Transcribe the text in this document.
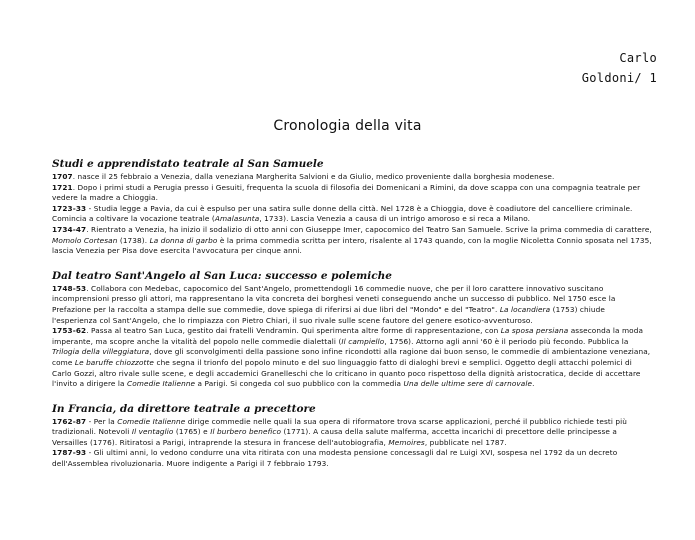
Carlo
Goldoni/ 1
Cronologia della vita
Studi e apprendistato teatrale al San Samuele

1707. nasce il 25 febbraio a Venezia, dalla veneziana Margherita Salvioni e da Giulio, medico proveniente dalla borghesia modenese.

1721. Dopo i primi studi a Perugia presso i Gesuiti, frequenta la scuola di filosofia dei Domenicani a Rimini, da dove scappa con una compagnia teatrale per vedere la madre a Chioggia.

1723-33 - Studia legge a Pavia, da cui è espulso per una satira sulle donne della città. Nel 1728 è a Chioggia, dove è coadiutore del cancelliere criminale. Comincia a coltivare la vocazione teatrale (Amalasunta, 1733). Lascia Venezia a causa di un intrigo amoroso e si reca a Milano.

1734-47. Rientrato a Venezia, ha inizio il sodalizio di otto anni con Giuseppe Imer, capocomico del Teatro San Samuele. Scrive la prima commedia di carattere, Momolo Cortesan (1738). La donna di garbo è la prima commedia scritta per intero, risalente al 1743 quando, con la moglie Nicoletta Connio sposata nel 1735, lascia Venezia per Pisa dove esercita l'avvocatura per cinque anni.

Dal teatro Sant'Angelo al San Luca: successo e polemiche

1748-53. Collabora con Medebac, capocomico del Sant'Angelo, promettendogli 16 commedie nuove, che per il loro carattere innovativo suscitano incomprensioni presso gli attori, ma rappresentano la vita concreta dei borghesi veneti conseguendo anche un successo di pubblico. Nel 1750 esce la Prefazione per la raccolta a stampa delle sue commedie, dove spiega di riferirsi ai due libri del "Mondo" e del "Teatro". La locandiera (1753) chiude l'esperienza col Sant'Angelo, che lo rimpiazza con Pietro Chiari, il suo rivale sulle scene fautore del genere esotico-avventuroso.

1753-62. Passa al teatro San Luca, gestito dai fratelli Vendramin. Qui sperimenta altre forme di rappresentazione, con La sposa persiana asseconda la moda imperante, ma scopre anche la vitalità del popolo nelle commedie dialettali (Il campiello, 1756). Attorno agli anni '60 è il periodo più fecondo. Pubblica la Trilogia della villeggiatura, dove gli sconvolgimenti della passione sono infine ricondotti alla ragione dai buon senso, le commedie di ambientazione veneziana, come Le baruffe chiozzotte che segna il trionfo del popolo minuto e del suo linguaggio fatto di dialoghi brevi e semplici. Oggetto degli attacchi polemici di Carlo Gozzi, altro rivale sulle scene, e degli accademici Granelleschi che lo criticano in quanto poco rispettoso della dignità aristocratica, decide di accettare l'invito a dirigere la Comedie Italienne a Parigi. Si congeda col suo pubblico con la commedia Una delle ultime sere di carnovale.

In Francia, da direttore teatrale a precettore

1762-87 - Per la Comedie Italienne dirige commedie nelle quali la sua opera di riformatore trova scarse applicazioni, perché il pubblico richiede testi più tradizionali. Notevoli Il ventaglio (1765) e Il burbero benefico (1771). A causa della salute malferma, accetta incarichi di precettore delle principesse a Versailles (1776). Ritiratosi a Parigi, intraprende la stesura in francese dell'autobiografia, Memoires, pubblicate nel 1787.

1787-93 - Gli ultimi anni, lo vedono condurre una vita ritirata con una modesta pensione concessagli dal re Luigi XVI, sospesa nel 1792 da un decreto dell'Assemblea rivoluzionaria. Muore indigente a Parigi il 7 febbraio 1793.
